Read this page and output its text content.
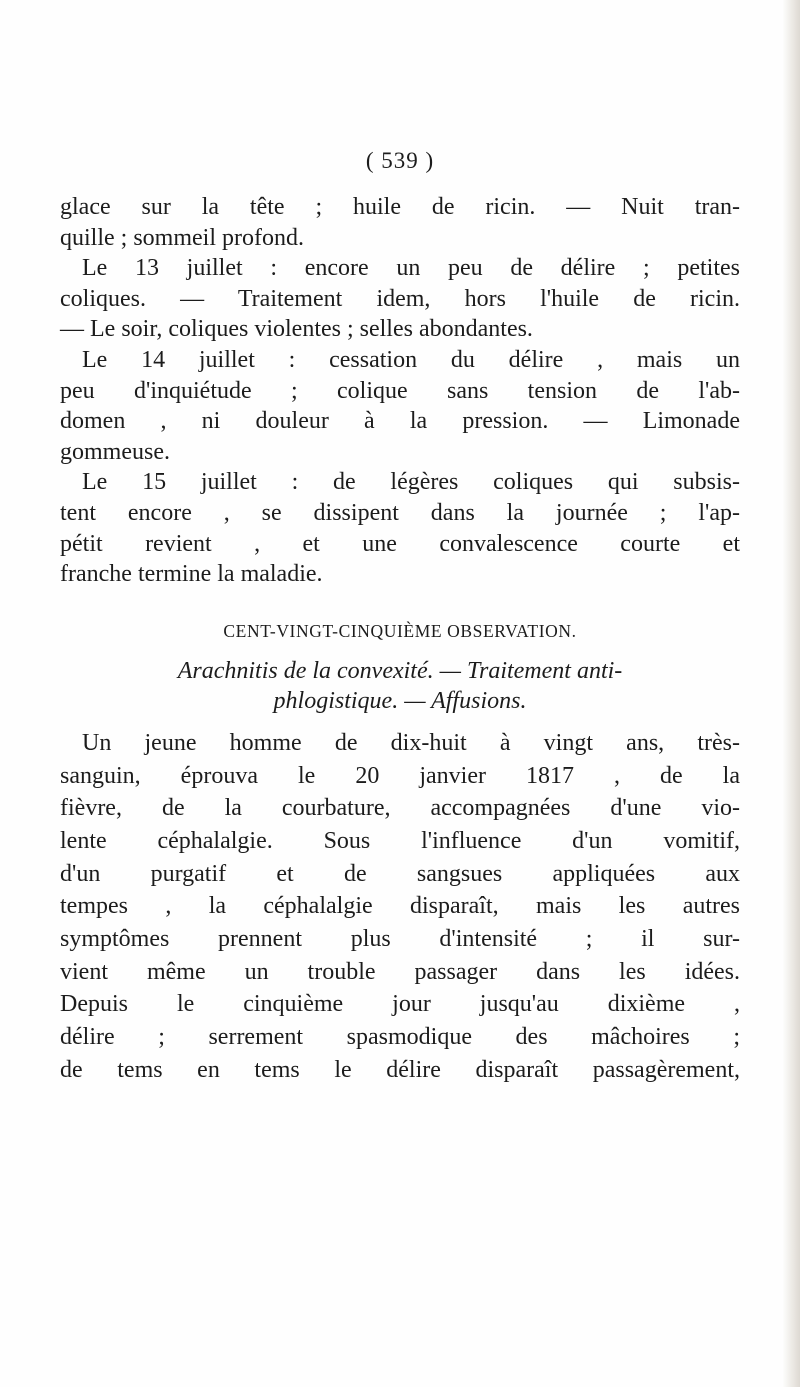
( 539 )
glace sur la tête ; huile de ricin. — Nuit tran-
quille ; sommeil profond.
Le 13 juillet : encore un peu de délire ; petites
coliques. — Traitement idem, hors l'huile de ricin.
— Le soir, coliques violentes ; selles abondantes.
Le 14 juillet : cessation du délire , mais un
peu d'inquiétude ; colique sans tension de l'ab-
domen , ni douleur à la pression. — Limonade
gommeuse.
Le 15 juillet : de légères coliques qui subsis-
tent encore , se dissipent dans la journée ; l'ap-
pétit revient , et une convalescence courte et
franche termine la maladie.
CENT-VINGT-CINQUIÈME OBSERVATION.
Arachnitis de la convexité. — Traitement anti-
phlogistique. — Affusions.
Un jeune homme de dix-huit à vingt ans, très-
sanguin, éprouva le 20 janvier 1817 , de la
fièvre, de la courbature, accompagnées d'une vio-
lente céphalalgie. Sous l'influence d'un vomitif,
d'un purgatif et de sangsues appliquées aux
tempes , la céphalalgie disparaît, mais les autres
symptômes prennent plus d'intensité ; il sur-
vient même un trouble passager dans les idées.
Depuis le cinquième jour jusqu'au dixième ,
délire ; serrement spasmodique des mâchoires ;
de tems en tems le délire disparaît passagèrement,
